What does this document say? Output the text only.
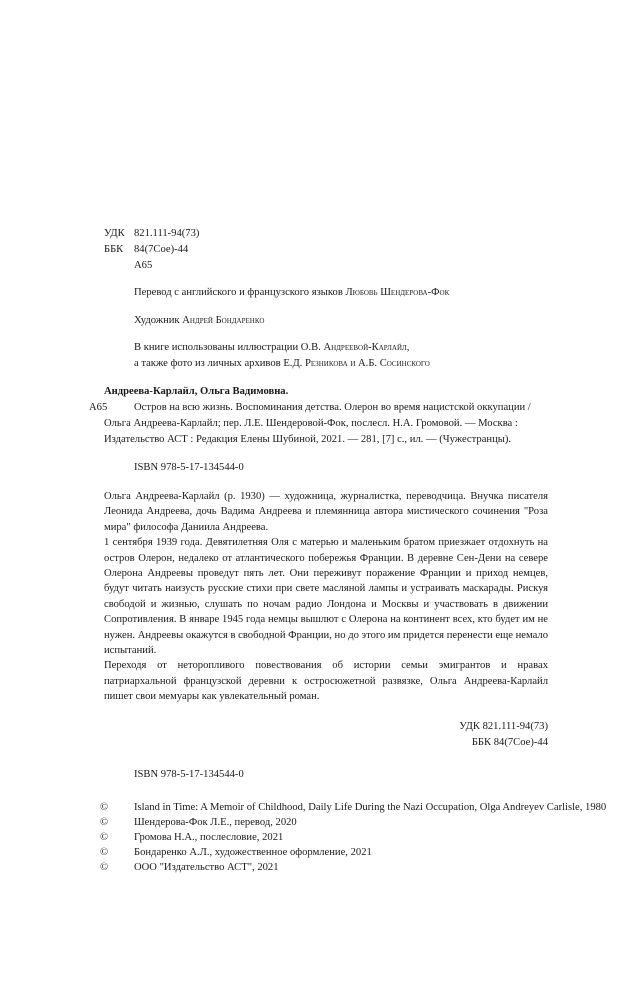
УДК 821.111-94(73)
ББК 84(7Сое)-44
А65
Перевод с английского и французского языков Любовь Шендерова-Фок
Художник Андрей Бондаренко
В книге использованы иллюстрации О.В. Андреевой-Карлайл,
а также фото из личных архивов Е.Д. Резникова и А.Б. Сосинского
Андреева-Карлайл, Ольга Вадимовна.
А65	Остров на всю жизнь. Воспоминания детства. Олерон во время нацистской оккупации /
Ольга Андреева-Карлайл; пер. Л.Е. Шендеровой-Фок, послесл. Н.А. Громовой. — Москва :
Издательство АСТ : Редакция Елены Шубиной, 2021. — 281, [7] с., ил. — (Чужестранцы).
ISBN 978-5-17-134544-0

Ольга Андреева-Карлайл (р. 1930) — художница, журналистка, переводчица. Внучка писателя Леонида Андреева, дочь Вадима Андреева и племянница автора мистического сочинения "Роза мира" философа Даниила Андреева.

1 сентября 1939 года. Девятилетняя Оля с матерью и маленьким братом приезжает отдохнуть на остров Олерон, недалеко от атлантического побережья Франции. В деревне Сен-Дени на севере Олерона Андреевы проведут пять лет. Они переживут поражение Франции и приход немцев, будут читать наизусть русские стихи при свете масляной лампы и устраивать маскарады. Рискуя свободой и жизнью, слушать по ночам радио Лондона и Москвы и участвовать в движении Сопротивления. В январе 1945 года немцы вышлют с Олерона на континент всех, кто будет им не нужен. Андреевы окажутся в свободной Франции, но до этого им придется перенести еще немало испытаний.

Переходя от неторопливого повествования об истории семьи эмигрантов и нравах патриархальной французской деревни к остросюжетной развязке, Ольга Андреева-Карлайл пишет свои мемуары как увлекательный роман.

УДК 821.111-94(73)
ББК 84(7Сое)-44
ISBN 978-5-17-134544-0
© Island in Time: A Memoir of Childhood, Daily Life During the Nazi Occupation, Olga Andreyev Carlisle, 1980
© Шендерова-Фок Л.Е., перевод, 2020
© Громова Н.А., послесловие, 2021
© Бондаренко А.Л., художественное оформление, 2021
© ООО "Издательство АСТ", 2021
